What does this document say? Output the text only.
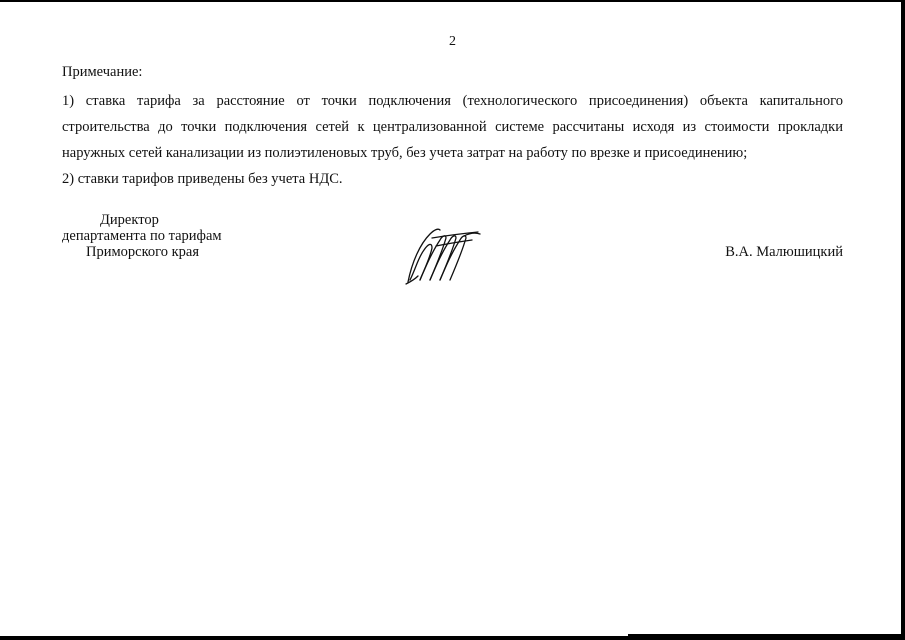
2
Примечание:
1) ставка тарифа за расстояние от точки подключения (технологического присоединения) объекта капитального строительства до точки подключения сетей к централизованной системе рассчитаны исходя из стоимости прокладки наружных сетей канализации из полиэтиленовых труб, без учета затрат на работу по врезке и присоединению;
2) ставки тарифов приведены без учета НДС.
Директор
департамента по тарифам
Приморского края	В.А. Малюшицкий
